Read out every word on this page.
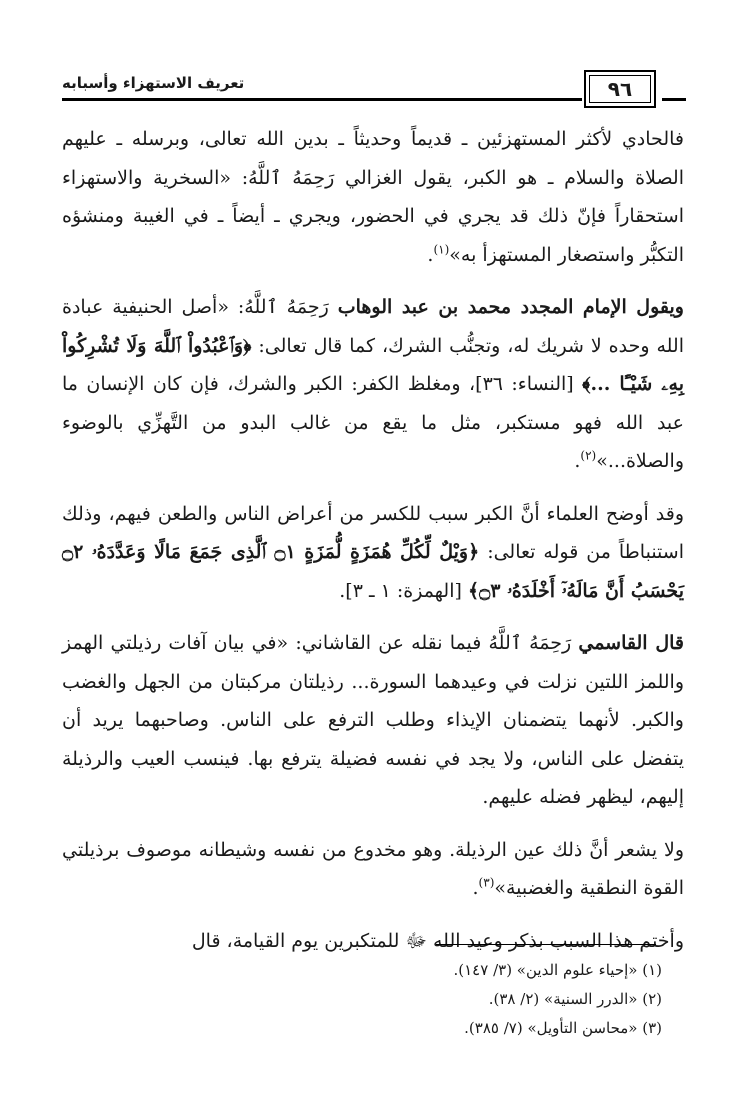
تعريف الاستهزاء وأسبابه	٩٦

فالحادي لأكثر المستهزئين ـ قديماً وحديثاً ـ بدين الله تعالى، وبرسله ـ عليهم الصلاة والسلام ـ هو الكبر، يقول الغزالي رَحِمَهُ ٱللَّهُ: «السخرية والاستهزاء استحقاراً فإنّ ذلك قد يجري في الحضور، ويجري ـ أيضاً ـ في الغيبة ومنشؤه التكبُّر واستصغار المستهزأ به»$^{(١)}$.

ويقول الإمام المجدد محمد بن عبد الوهاب رَحِمَهُ ٱللَّهُ: «أصل الحنيفية عبادة الله وحده لا شريك له، وتجنُّب الشرك، كما قال تعالى: ﴿وَٱعْبُدُواْ ٱللَّهَ وَلَا تُشْرِكُواْ بِهِۦ شَيْـًٔا ...﴾ [النساء: ٣٦]، ومغلظ الكفر: الكبر والشرك، فإن كان الإنسان ما عبد الله فهو مستكبر، مثل ما يقع من غالب البدو من التَّهزِّي بالوضوء والصلاة...»$^{(٢)}$.

وقد أوضح العلماء أنَّ الكبر سبب للكسر من أعراض الناس والطعن فيهم، وذلك استنباطاً من قوله تعالى: ﴿وَيْلٌ لِّكُلِّ هُمَزَةٍ لُّمَزَةٍ ۝١ ٱلَّذِى جَمَعَ مَالًا وَعَدَّدَهُۥ ۝٢ يَحْسَبُ أَنَّ مَالَهُۥٓ أَخْلَدَهُۥ ۝٣﴾ [الهمزة: ١ ـ ٣].

قال القاسمي رَحِمَهُ ٱللَّهُ فيما نقله عن القاشاني: «في بيان آفات رذيلتي الهمز واللمز اللتين نزلت في وعيدهما السورة... رذيلتان مركبتان من الجهل والغضب والكبر. لأنهما يتضمنان الإيذاء وطلب الترفع على الناس. وصاحبهما يريد أن يتفضل على الناس، ولا يجد في نفسه فضيلة يترفع بها. فينسب العيب والرذيلة إليهم، ليظهر فضله عليهم.

ولا يشعر أنَّ ذلك عين الرذيلة. وهو مخدوع من نفسه وشيطانه موصوف برذيلتي القوة النطقية والغضبية»$^{(٣)}$.

وأختم هذا السبب بذكر وعيد الله ﷻ للمتكبرين يوم القيامة، قال

(١) «إحياء علوم الدين» (٣/ ١٤٧).

(٢) «الدرر السنية» (٢/ ٣٨).

(٣) «محاسن التأويل» (٧/ ٣٨٥).
